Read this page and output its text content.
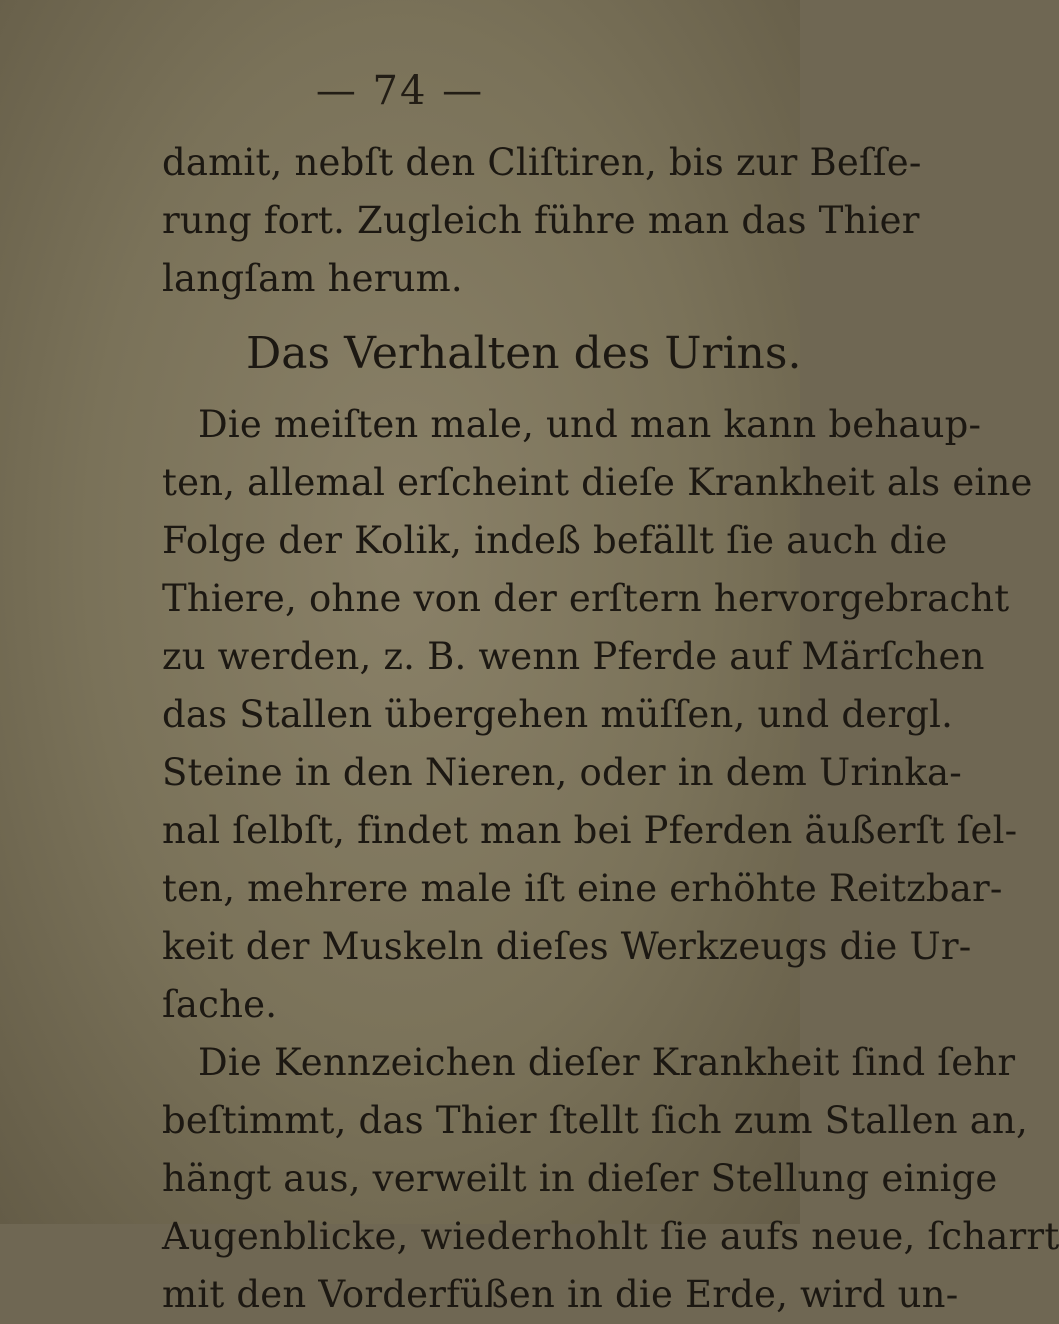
— 74 —
damit, nebſt den Cliſtiren, bis zur Beſſe-
rung fort. Zugleich führe man das Thier
langſam herum.
Das Verhalten des Urins.
Die meiſten male, und man kann behaup-
ten, allemal erſcheint dieſe Krankheit als eine
Folge der Kolik, indeß befällt ſie auch die
Thiere, ohne von der erſtern hervorgebracht
zu werden, z. B. wenn Pferde auf Märſchen
das Stallen übergehen müſſen, und dergl.
Steine in den Nieren, oder in dem Urinka-
nal ſelbſt, findet man bei Pferden äußerſt ſel-
ten, mehrere male iſt eine erhöhte Reitzbar-
keit der Muskeln dieſes Werkzeugs die Ur-
ſache.
Die Kennzeichen dieſer Krankheit ſind ſehr
beſtimmt, das Thier ſtellt ſich zum Stallen an,
hängt aus, verweilt in dieſer Stellung einige
Augenblicke, wiederhohlt ſie aufs neue, ſcharrt
mit den Vorderfüßen in die Erde, wird un-
